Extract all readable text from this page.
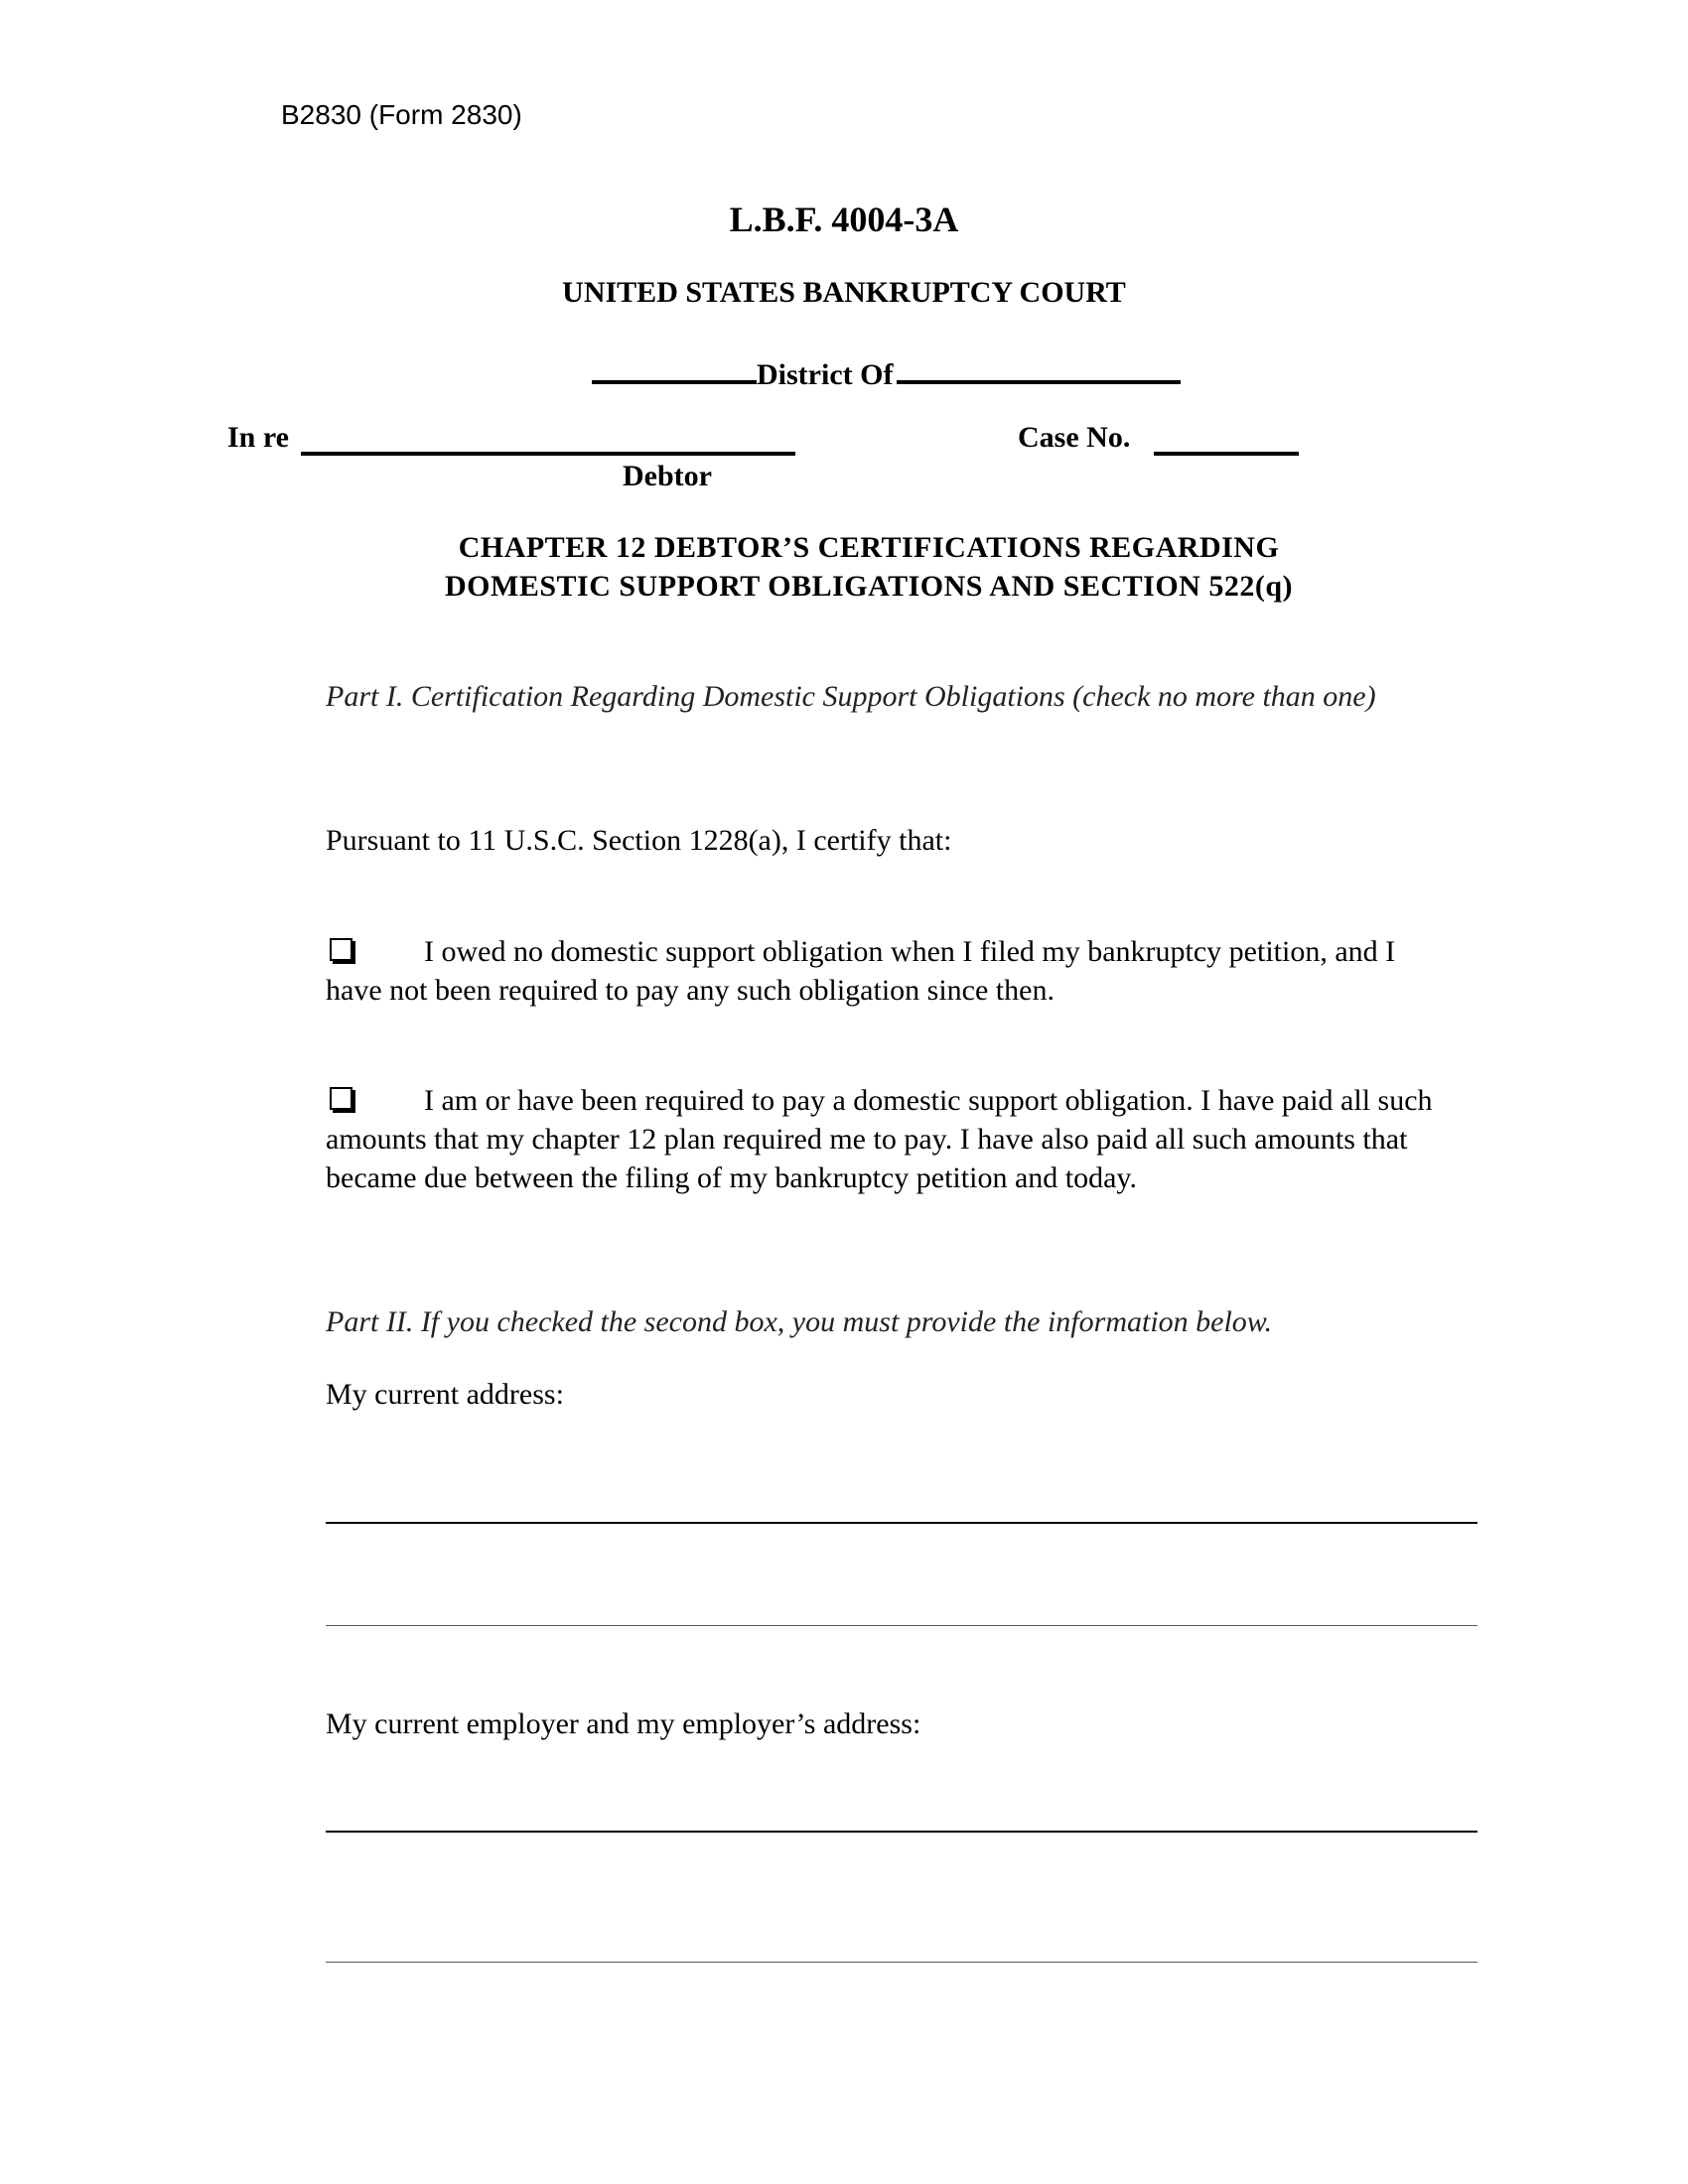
B2830 (Form 2830)
L.B.F. 4004-3A
UNITED STATES BANKRUPTCY COURT
District Of
In re
Debtor
Case No.
CHAPTER 12 DEBTOR’S CERTIFICATIONS REGARDING
DOMESTIC SUPPORT OBLIGATIONS AND SECTION 522(q)
Part I. Certification Regarding Domestic Support Obligations (check no more than one)
Pursuant to 11 U.S.C. Section 1228(a), I certify that:
I owed no domestic support obligation when I filed my bankruptcy petition, and I have not been required to pay any such obligation since then.
I am or have been required to pay a domestic support obligation. I have paid all such amounts that my chapter 12 plan required me to pay. I have also paid all such amounts that became due between the filing of my bankruptcy petition and today.
Part II. If you checked the second box, you must provide the information below.
My current address:
My current employer and my employer’s address:
